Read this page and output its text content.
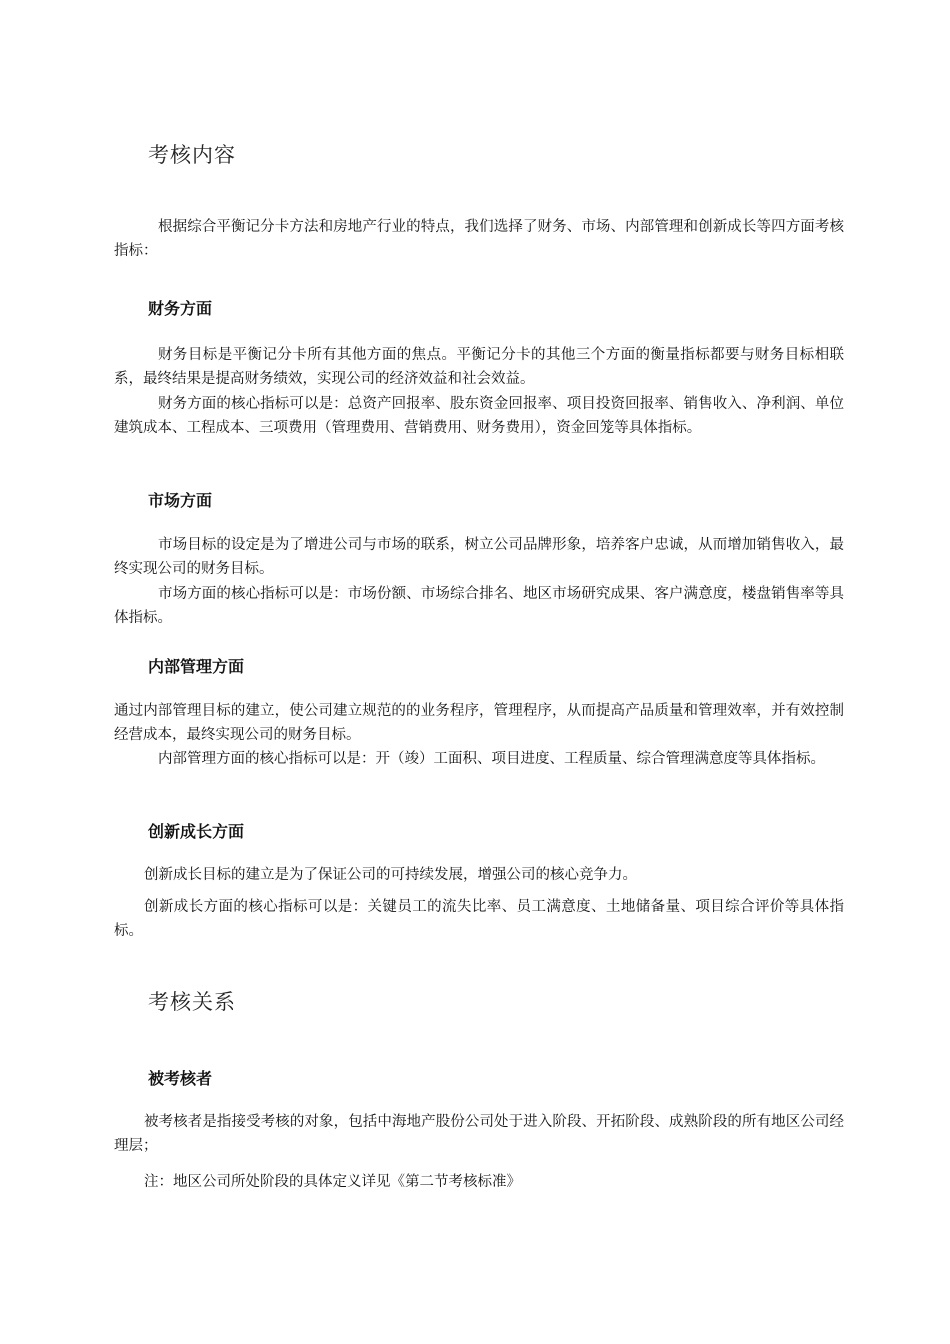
考核内容

根据综合平衡记分卡方法和房地产行业的特点，我们选择了财务、市场、内部管理和创新成长等四方面考核指标：

财务方面

财务目标是平衡记分卡所有其他方面的焦点。平衡记分卡的其他三个方面的衡量指标都要与财务目标相联系，最终结果是提高财务绩效，实现公司的经济效益和社会效益。

财务方面的核心指标可以是：总资产回报率、股东资金回报率、项目投资回报率、销售收入、净利润、单位建筑成本、工程成本、三项费用（管理费用、营销费用、财务费用），资金回笼等具体指标。

市场方面

市场目标的设定是为了增进公司与市场的联系，树立公司品牌形象，培养客户忠诚，从而增加销售收入，最终实现公司的财务目标。

市场方面的核心指标可以是：市场份额、市场综合排名、地区市场研究成果、客户满意度，楼盘销售率等具体指标。

内部管理方面

通过内部管理目标的建立，使公司建立规范的的业务程序，管理程序，从而提高产品质量和管理效率，并有效控制经营成本，最终实现公司的财务目标。

内部管理方面的核心指标可以是：开（竣）工面积、项目进度、工程质量、综合管理满意度等具体指标。

创新成长方面

创新成长目标的建立是为了保证公司的可持续发展，增强公司的核心竞争力。

创新成长方面的核心指标可以是：关键员工的流失比率、员工满意度、土地储备量、项目综合评价等具体指标。

考核关系
被考核者

被考核者是指接受考核的对象，包括中海地产股份公司处于进入阶段、开拓阶段、成熟阶段的所有地区公司经理层；

注：地区公司所处阶段的具体定义详见《第二节考核标准》
